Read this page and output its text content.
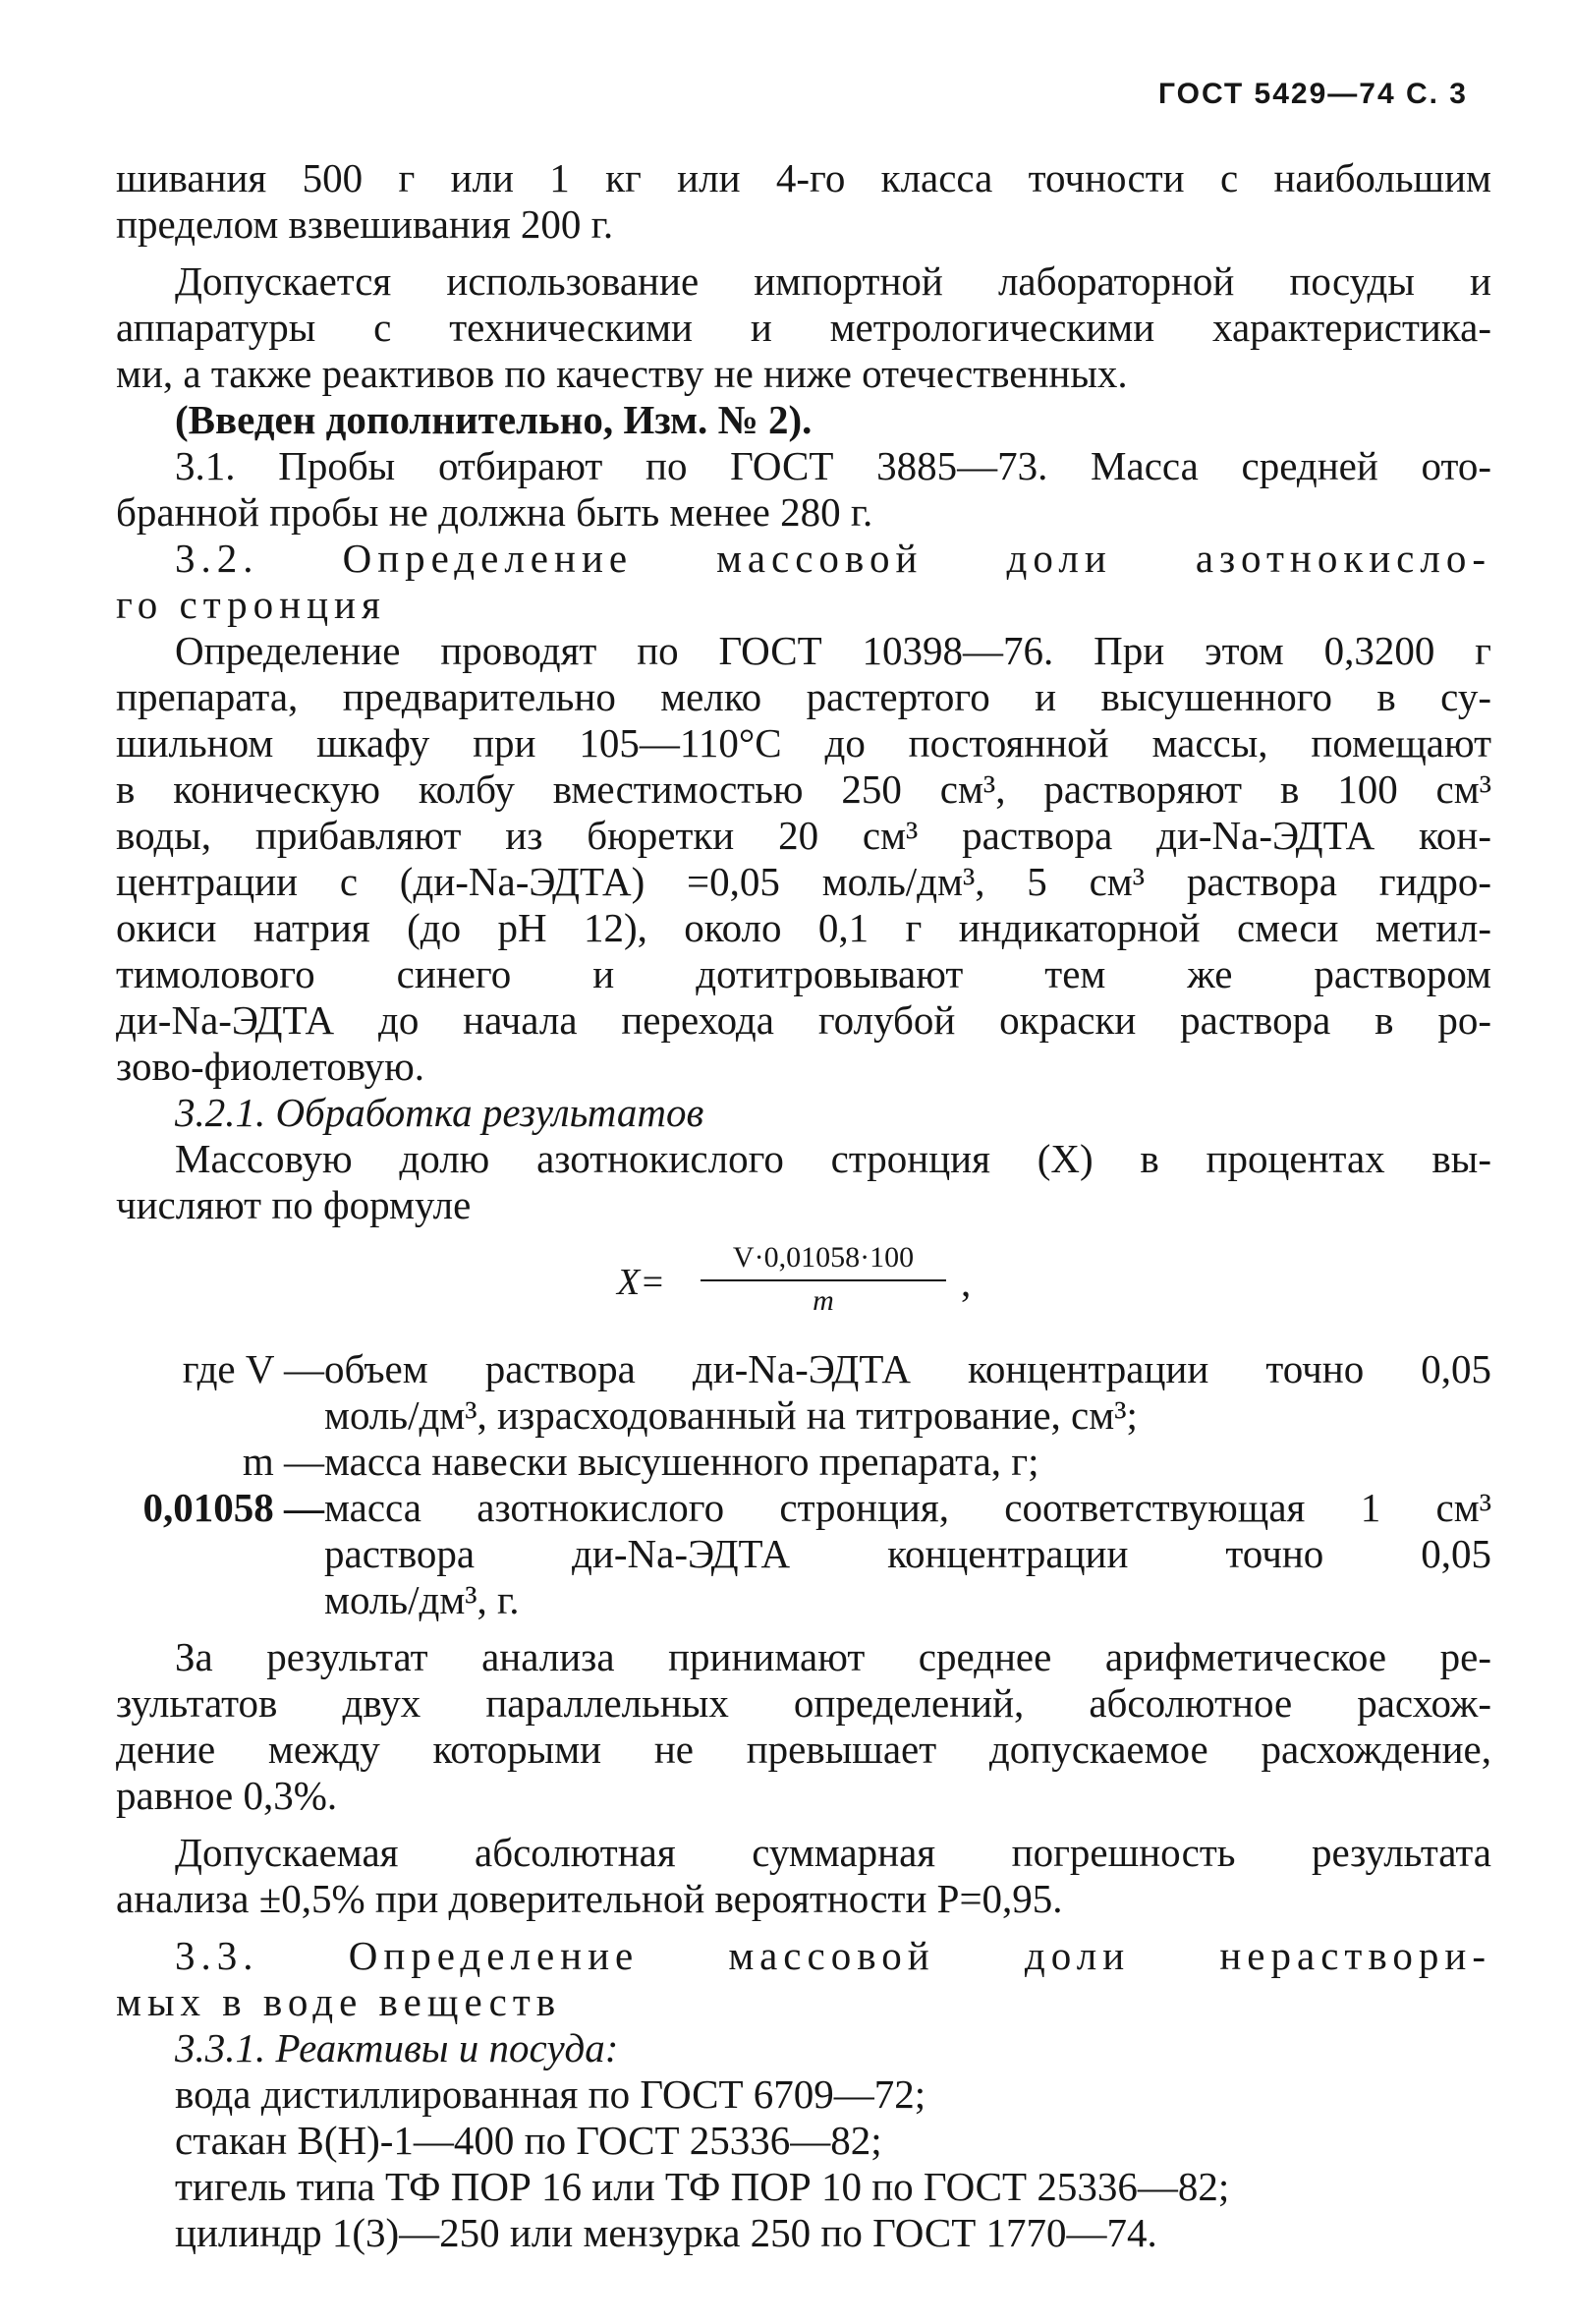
ГОСТ 5429—74 С. 3

шивания 500 г или 1 кг или 4-го класса точности с наибольшим

пределом взвешивания 200 г.

Допускается использование импортной лабораторной посуды и

аппаратуры с техническими и метрологическими характеристика-

ми, а также реактивов по качеству не ниже отечественных.

(Введен дополнительно, Изм. № 2).

3.1. Пробы отбирают по ГОСТ 3885—73. Масса средней ото-

бранной пробы не должна быть менее 280 г.

3.2. Определение массовой доли азотнокисло-

го стронция

Определение проводят по ГОСТ 10398—76. При этом 0,3200 г

препарата, предварительно мелко растертого и высушенного в су-

шильном шкафу при 105—110°С до постоянной массы, помещают

в коническую колбу вместимостью 250 см³, растворяют в 100 см³

воды, прибавляют из бюретки 20 см³ раствора ди-Na-ЭДТА кон-

центрации с (ди-Na-ЭДТА) =0,05 моль/дм³, 5 см³ раствора гидро-

окиси натрия (до pH 12), около 0,1 г индикаторной смеси метил-

тимолового синего и дотитровывают тем же раствором

ди-Na-ЭДТА до начала перехода голубой окраски раствора в ро-

зово-фиолетовую.

3.2.1. Обработка результатов

Массовую долю азотнокислого стронция (X) в процентах вы-

числяют по формуле

$X= \frac{V\cdot 0,01058\cdot 100}{m}$ ,
где V — объем раствора ди-Na-ЭДТА концентрации точно 0,05

моль/дм³, израсходованный на титрование, см³;

m — масса навески высушенного препарата, г;

0,01058 — масса азотнокислого стронция, соответствующая 1 см³

раствора ди-Na-ЭДТА концентрации точно 0,05

моль/дм³, г.

За результат анализа принимают среднее арифметическое ре-

зультатов двух параллельных определений, абсолютное расхож-

дение между которыми не превышает допускаемое расхождение,

равное 0,3%.

Допускаемая абсолютная суммарная погрешность результата

анализа ±0,5% при доверительной вероятности P=0,95.

3.3. Определение массовой доли нераствори-

мых в воде веществ

3.3.1. Реактивы и посуда:

вода дистиллированная по ГОСТ 6709—72;

стакан В(Н)-1—400 по ГОСТ 25336—82;

тигель типа ТФ ПОР 16 или ТФ ПОР 10 по ГОСТ 25336—82;

цилиндр 1(3)—250 или мензурка 250 по ГОСТ 1770—74.
